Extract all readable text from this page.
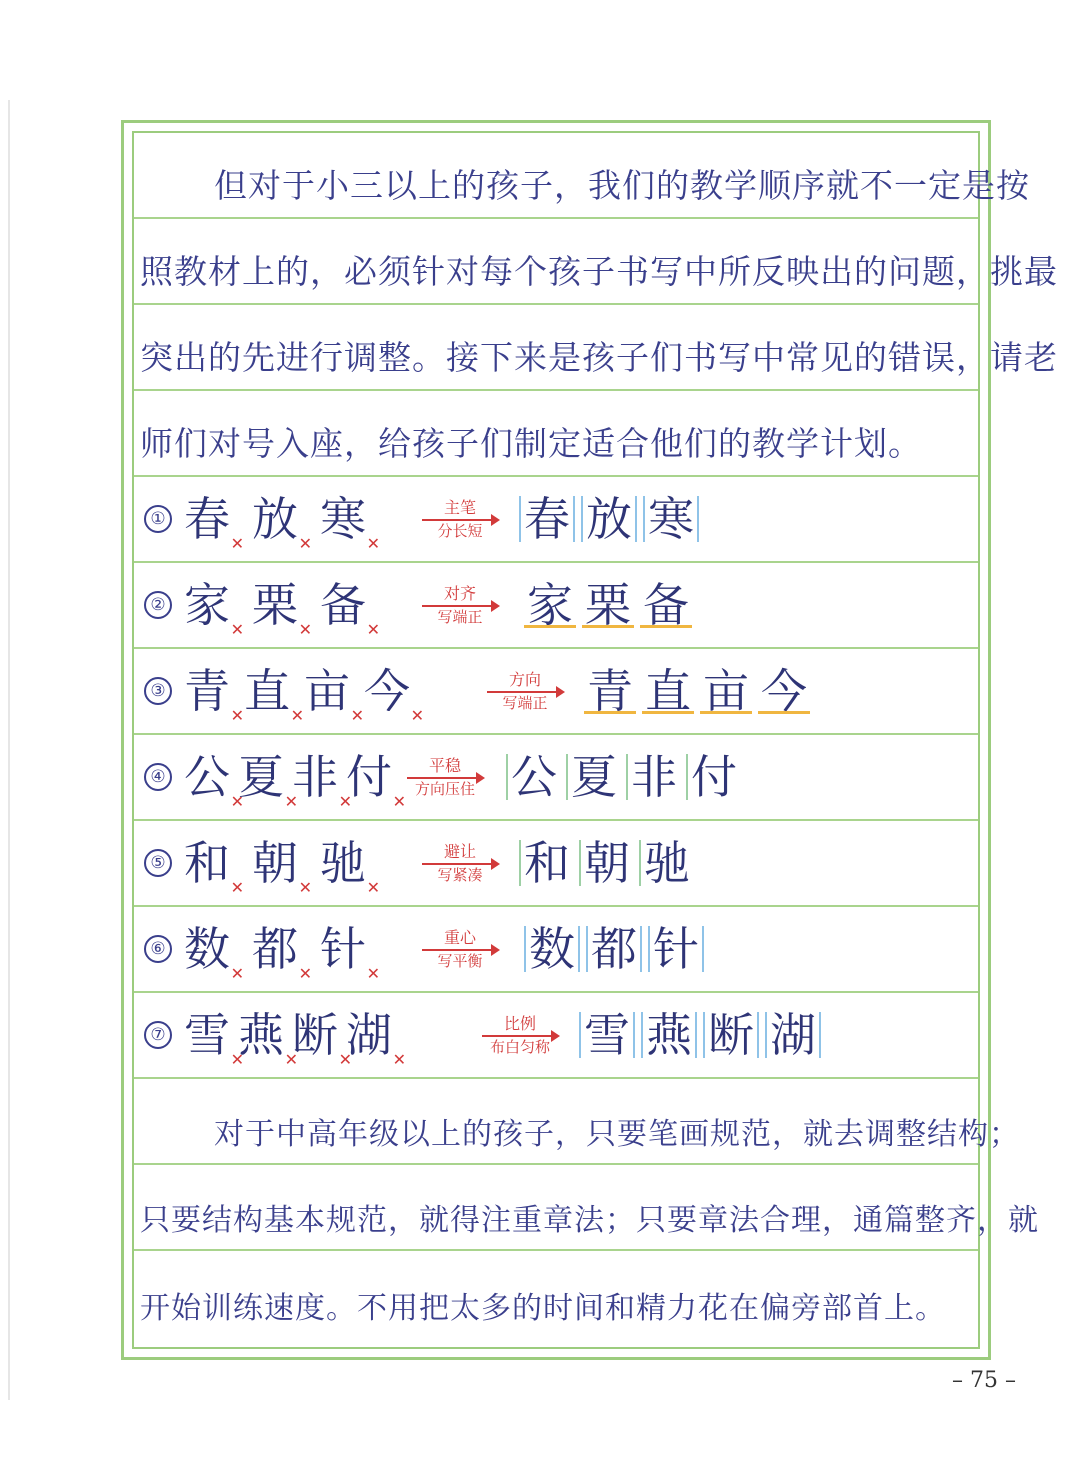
但对于小三以上的孩子，我们的教学顺序就不一定是按
照教材上的，必须针对每个孩子书写中所反映出的问题，挑最
突出的先进行调整。接下来是孩子们书写中常见的错误，请老
师们对号入座，给孩子们制定适合他们的教学计划。
① 春 ✕ 放 ✕ 寒 ✕
主笔
分长短 春 放 寒
② 家 ✕ 栗 ✕ 备 ✕
对齐
写端正 家 栗 备
③ 青 ✕ 直 ✕ 亩 ✕ 今 ✕
方向
写端正 青 直 亩 今
④ 公 ✕
夏 ✕
非 ✕
付 ✕
平稳
方向压住 公 夏 非 付
⑤ 和 ✕ 朝 ✕ 驰 ✕
避让
写紧凑 和 朝 驰
⑥ 数 ✕ 都 ✕ 针 ✕
重心
写平衡 数 都 针
⑦ 雪 ✕
燕 ✕
断 ✕
湖 ✕
比例
布白匀称 雪 燕 断 湖
对于中高年级以上的孩子，只要笔画规范，就去调整结构；
只要结构基本规范，就得注重章法；只要章法合理，通篇整齐，就
开始训练速度。不用把太多的时间和精力花在偏旁部首上。
– 75 –
